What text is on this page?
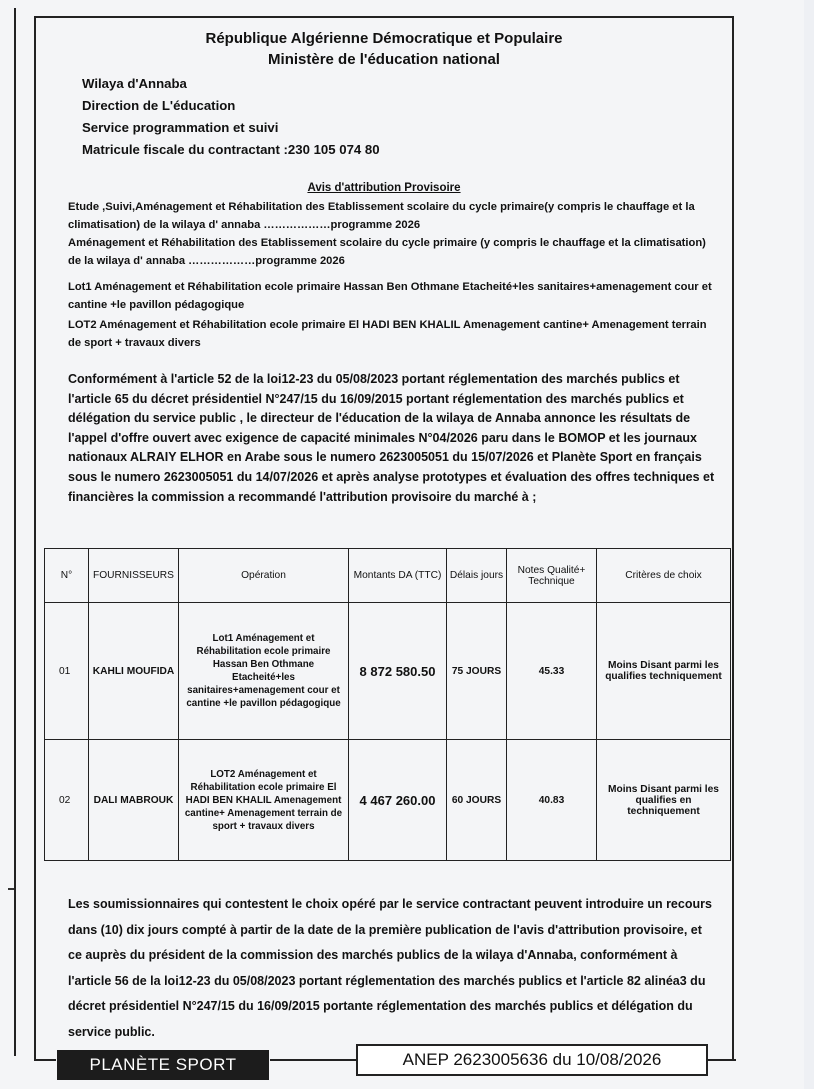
République Algérienne Démocratique et Populaire
Ministère de l'éducation national
Wilaya d'Annaba
Direction de L'éducation
Service programmation et suivi
Matricule fiscale du contractant :230 105 074 80
Avis d'attribution Provisoire
Etude ,Suivi,Aménagement et Réhabilitation des Etablissement scolaire du cycle primaire(y compris le chauffage et la climatisation) de la wilaya d' annaba ………………programme 2026
Aménagement et Réhabilitation des Etablissement scolaire du cycle primaire (y compris le chauffage et la climatisation) de la wilaya d' annaba ………………programme 2026
Lot1 Aménagement et Réhabilitation ecole primaire Hassan Ben Othmane Etacheité+les sanitaires+amenagement cour et cantine +le pavillon pédagogique
LOT2 Aménagement et Réhabilitation ecole primaire El HADI BEN KHALIL Amenagement cantine+ Amenagement terrain de sport + travaux divers
Conformément à l'article 52 de la loi12-23 du 05/08/2023 portant réglementation des marchés publics et l'article 65 du décret présidentiel N°247/15 du 16/09/2015 portant réglementation des marchés publics et délégation du service public , le directeur de l'éducation de la wilaya de Annaba annonce les résultats de l'appel d'offre ouvert avec exigence de capacité minimales N°04/2026 paru dans le BOMOP et les journaux nationaux ALRAIY ELHOR en Arabe sous le numero 2623005051 du 15/07/2026 et Planète Sport en français sous le numero 2623005051 du 14/07/2026 et après analyse prototypes et évaluation des offres techniques et financières la commission a recommandé l'attribution provisoire du marché à ;
N°	FOURNISSEURS	Opération	Montants DA (TTC)	Délais jours	Notes Qualité+ Technique	Critères de choix
01	KAHLI MOUFIDA	Lot1 Aménagement et Réhabilitation ecole primaire Hassan Ben Othmane Etacheité+les sanitaires+amenagement cour et cantine +le pavillon pédagogique	8 872 580.50	75 JOURS	45.33	Moins Disant parmi les qualifies techniquement
02	DALI MABROUK	LOT2 Aménagement et Réhabilitation ecole primaire El HADI BEN KHALIL Amenagement cantine+ Amenagement terrain de sport + travaux divers	4 467 260.00	60 JOURS	40.83	Moins Disant parmi les qualifies en techniquement
Les soumissionnaires qui contestent le choix opéré par le service contractant peuvent introduire un recours dans (10) dix jours compté à partir de la date de la première publication de l'avis d'attribution provisoire, et ce auprès du président de la commission des marchés publics de la wilaya d'Annaba, conformément à l'article 56 de la loi12-23 du 05/08/2023 portant réglementation des marchés publics et l'article 82 alinéa3 du décret présidentiel N°247/15 du 16/09/2015 portante réglementation des marchés publics et délégation du service public.
PLANÈTE SPORT	ANEP 2623005636 du 10/08/2026
